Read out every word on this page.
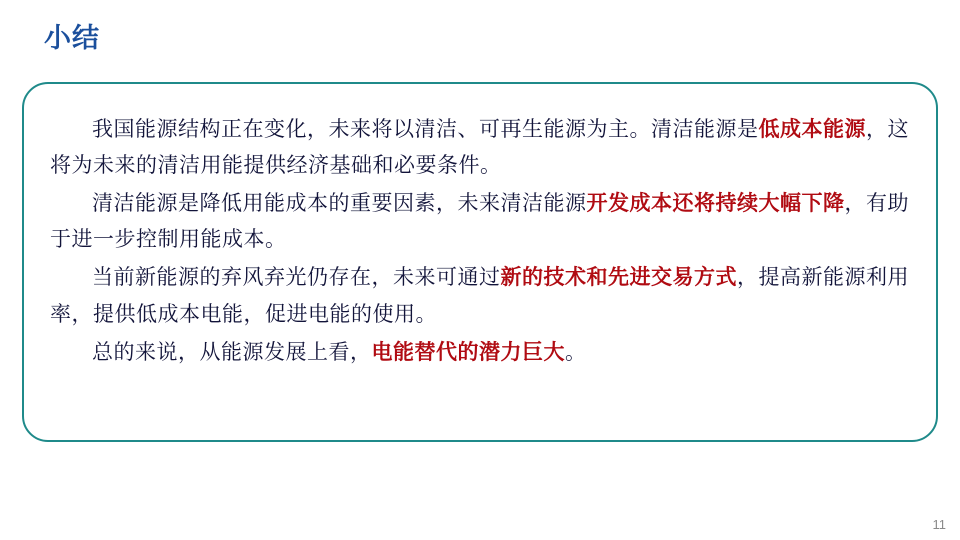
小结

我国能源结构正在变化，未来将以清洁、可再生能源为主。清洁能源是低成本能源，这将为未来的清洁用能提供经济基础和必要条件。

清洁能源是降低用能成本的重要因素，未来清洁能源开发成本还将持续大幅下降，有助于进一步控制用能成本。

当前新能源的弃风弃光仍存在，未来可通过新的技术和先进交易方式，提高新能源利用率，提供低成本电能，促进电能的使用。

总的来说，从能源发展上看，电能替代的潜力巨大。

11
